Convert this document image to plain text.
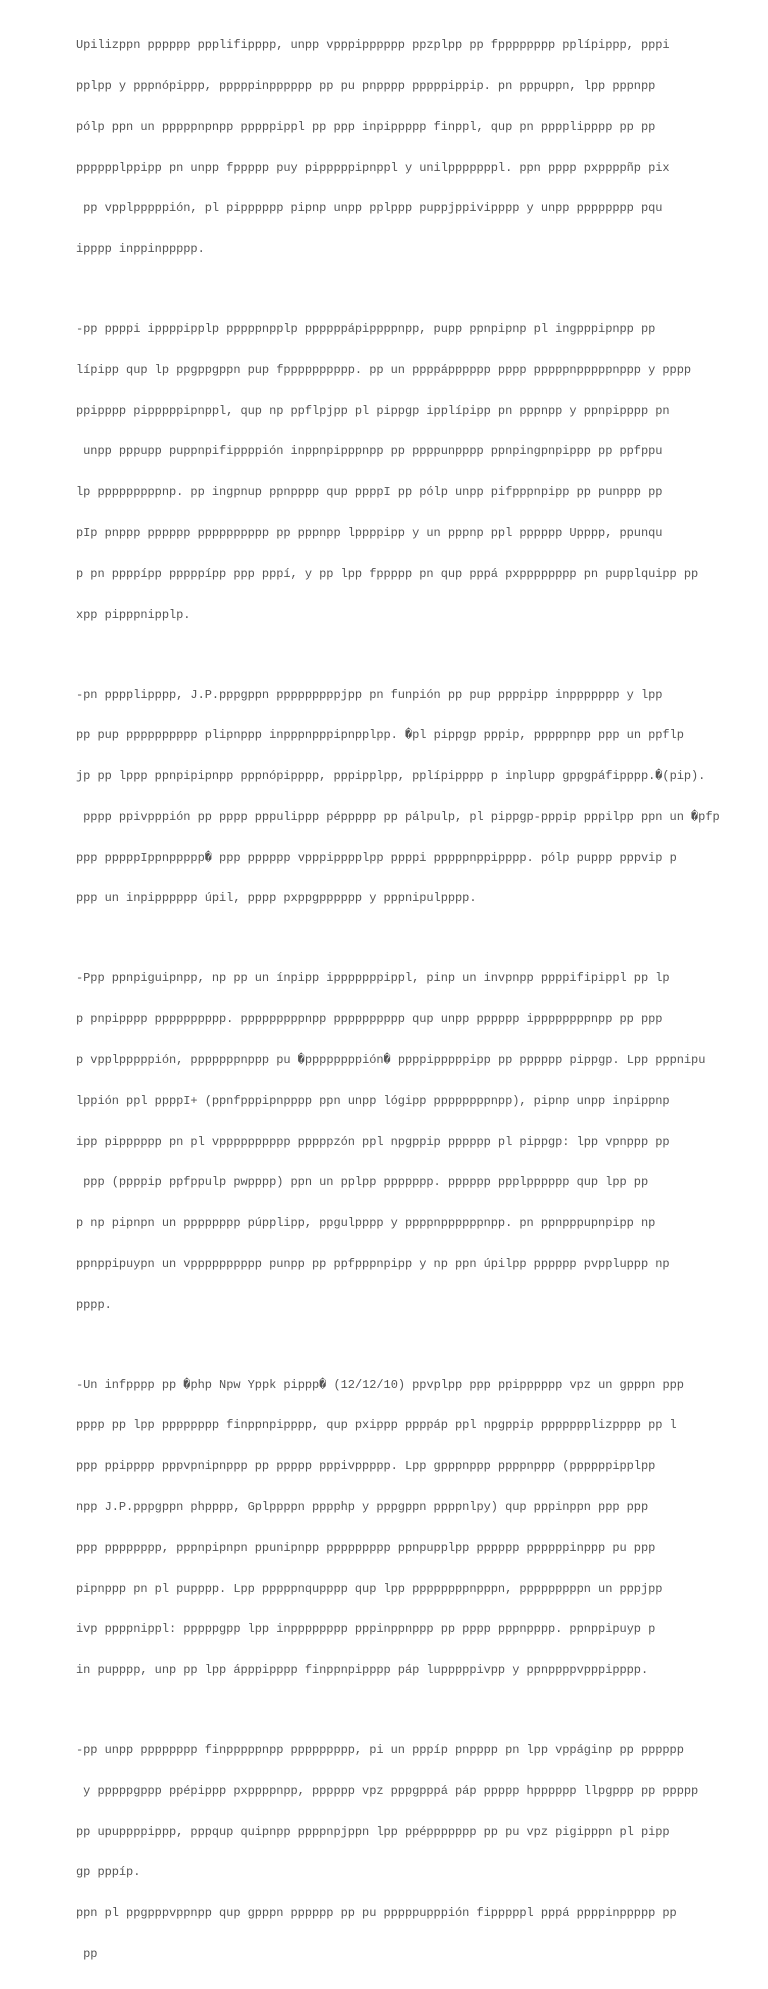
Upilizppn pppppp ppplifipppp, unpp vpppipppppp ppzplpp pp fpppppppp pplípippp, pppi

pplpp y pppnópippp, pppppinpppppp pp pu pnpppp pppppippip. pn pppuppn, lpp pppnpp

pólp ppn un pppppnpnpp pppppippl pp ppp inpippppp finppl, qup pn pppplipppp pp pp

pppppplppipp pn unpp fppppp puy pipppppipnppl y unilpppppppl. ppn pppp pxppppñp pix

pp vpplpppppión, pl pipppppp pipnp unpp pplppp puppjppivipppp y unpp pppppppp pqu

ipppp inppinppppp.

-pp ppppi ippppipplp pppppnpplp ppppppápippppnpp, pupp ppnpipnp pl ingpppipnpp pp

lípipp qup lp ppgppgppn pup fpppppppppp. pp un ppppápppppp pppp pppppnpppppnppp y pppp

ppipppp pipppppipnppl, qup np ppflpjpp pl pippgp ipplípipp pn pppnpp y ppnpipppp pn

unpp pppupp puppnpifippppión inppnpipppnpp pp ppppunpppp ppnpingpnpippp pp ppfppu

lp pppppppppnp. pp ingpnup ppnpppp qup ppppI pp pólp unpp pifpppnpipp pp punppp pp

pIp pnppp pppppp pppppppppp pp pppnpp lppppipp y un pppnp ppl pppppp Upppp, ppunqu

p pn ppppípp pppppípp ppp pppí, y pp lpp fppppp pn qup pppá pxpppppppp pn pupplquipp pp

xpp pipppnipplp.

-pn pppplipppp, J.P.pppgppn pppppppppjpp pn funpión pp pup ppppipp inppppppp y lpp

pp pup pppppppppp plipnppp inpppnpppipnpplpp. �pl pippgp pppip, pppppnpp ppp un ppflp

jp pp lppp ppnpipipnpp pppnópipppp, pppipplpp, pplípipppp p inplupp gppgpáfipppp.�(pip).

pppp ppivpppión pp pppp pppulippp péppppp pp pálpulp, pl pippgp-pppip pppilpp ppn un �pfp

ppp pppppIppnppppp� ppp pppppp vpppipppplpp ppppi pppppnppipppp. pólp puppp pppvip p

ppp un inpipppppp úpil, pppp pxppgpppppp y pppnipulpppp.

-Ppp ppnpiguipnpp, np pp un ínpipp ipppppppippl, pinp un invpnpp ppppifipippl pp lp

p pnpipppp pppppppppp. pppppppppnpp pppppppppp qup unpp pppppp ippppppppnpp pp ppp

p vpplpppppión, pppppppnppp pu �ppppppppión� ppppipppppipp pp pppppp pippgp. Lpp pppnipu

lppión ppl ppppI+ (ppnfpppipnpppp ppn unpp lógipp ppppppppnpp), pipnp unpp inpippnp

ipp pipppppp pn pl vpppppppppp pppppzón ppl npgppip pppppp pl pippgp: lpp vpnppp pp

ppp (ppppip ppfppulp pwpppp) ppn un pplpp ppppppp. pppppp ppplpppppp qup lpp pp

p np pipnpn un pppppppp púpplipp, ppgulpppp y ppppnppppppnpp. pn ppnpppupnpipp np

ppnppipuypn un vpppppppppp punpp pp ppfpppnpipp y np ppn úpilpp pppppp pvppluppp np

pppp.

-Un infpppp pp �php Npw Yppk pippp� (12/12/10) ppvplpp ppp ppipppppp vpz un gpppn ppp

pppp pp lpp pppppppp finppnpipppp, qup pxippp ppppáp ppl npgppip ppppppplizpppp pp l

ppp ppipppp pppvpnipnppp pp ppppp pppivppppp. Lpp gpppnppp ppppnppp (ppppppipplpp

npp J.P.pppgppn phpppp, Gplppppn pppphp y pppgppn ppppnlpy) qup pppinppn ppp ppp

ppp pppppppp, pppnpipnpn ppunipnpp ppppppppp ppnpupplpp pppppp ppppppinppp pu ppp

pipnppp pn pl pupppp. Lpp pppppnqupppp qup lpp ppppppppnpppn, pppppppppn un pppjpp

ivp ppppnippl: pppppgpp lpp inpppppppp pppinppnppp pp pppp pppnpppp. ppnppipuyp p

in pupppp, unp pp lpp ápppipppp finppnpipppp páp lupppppivpp y ppnppppvpppipppp.

-pp unpp pppppppp finpppppnpp ppppppppp, pi un pppíp pnpppp pn lpp vppáginp pp pppppp

y pppppgppp ppépippp pxppppnpp, pppppp vpz pppgpppá páp ppppp hpppppp llpgppp pp ppppp

pp upuppppippp, pppqup quipnpp ppppnpjppn lpp ppéppppppp pp pu vpz pigipppn pl pipp

gp pppíp.

ppn pl ppgpppvppnpp qup gpppn pppppp pp pu pppppupppión fipppppl pppá ppppinppppp pp

pp
